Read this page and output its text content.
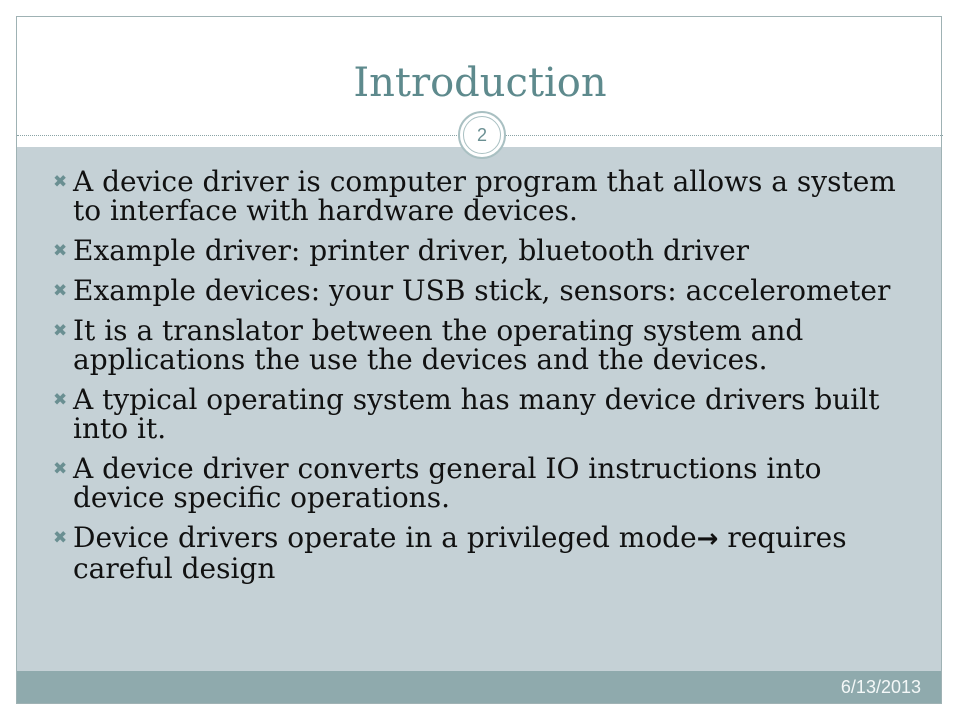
Introduction
2
✖ A device driver is computer program that allows a system to interface with hardware devices.
✖ Example driver: printer driver, bluetooth driver
✖ Example devices: your USB stick, sensors: accelerometer
✖ It is a translator between the operating system and applications the use the devices and the devices.
✖ A typical operating system has many device drivers built into it.
✖ A device driver converts general IO instructions into device specific operations.
✖ Device drivers operate in a privileged mode→ requires careful design
6/13/2013
